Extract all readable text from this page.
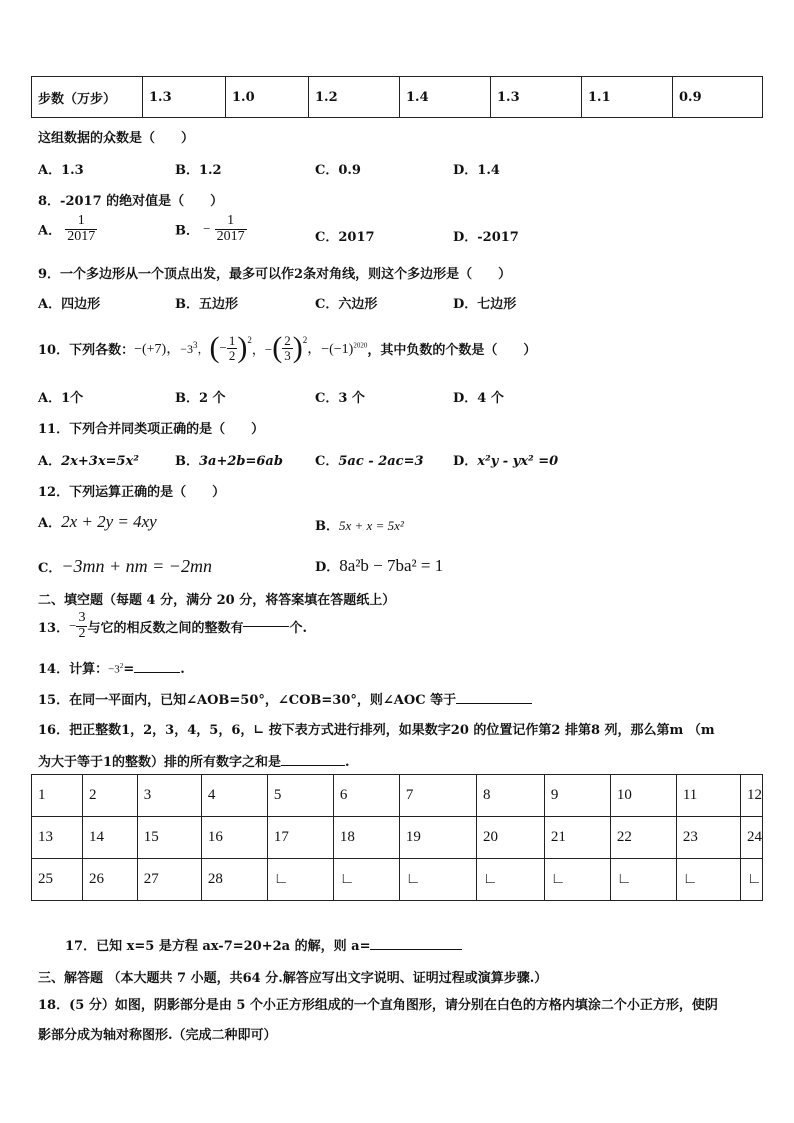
步数（万步）	1.3	1.0	1.2	1.4	1.3	1.1	0.9
这组数据的众数是（　　）
A．1.3	B．1.2	C．0.9	D．1.4
8．-2017 的绝对值是（　　）
A． $\frac{1}{2017}$	B． − $\frac{1}{2017}$	C．2017	D．-2017
9．一个多边形从一个顶点出发，最多可以作2条对角线，则这个多边形是（　　）
A．四边形	B．五边形	C．六边形	D．七边形
10．下列各数： −(+7)， $-3^3$， ( − $\frac{1}{2}$ ) 2
，− ( $\frac{2}{3}$ ) 2
，$-(-1)^{2020}$ ，其中负数的个数是（　　）
A．1个	B．2 个	C．3 个	D．4 个
11．下列合并同类项正确的是（　　）
A．2x+3x=5x²	B．3a+2b=6ab C．5ac - 2ac=3 D．x²y - yx² =0
12．下列运算正确的是（　　）
A．2x + 2y = 4xy	B．5x + x = 5x²
C．−3mn + nm = −2mn	D．8a²b − 7ba² = 1
二、填空题（每题 4 分，满分 20 分，将答案填在答题纸上）
13． − $\frac{3}{2}$ 与它的相反数之间的整数有	个.
14．计算： $-3^2$ =	.
15．在同一平面内，已知∠AOB=50°，∠COB=30°，则∠AOC 等于
16．把正整数1，2，3，4，5，6，∟ 按下表方式进行排列，如果数字20 的位置记作第2 排第8 列，那么第m （m
为大于等于1的整数）排的所有数字之和是	.
1	2	3	4	5	6	7	8	9	10	11	12
13	14	15	16	17	18	19	20	21	22	23	24
25	26	27	28	∟	∟	∟	∟	∟	∟	∟	∟
17．已知 x=5 是方程 ax-7=20+2a 的解，则 a=
三、解答题 （本大题共 7 小题，共64 分.解答应写出文字说明、证明过程或演算步骤.）
18．(5 分）如图，阴影部分是由 5 个小正方形组成的一个直角图形，请分别在白色的方格内填涂二个小正方形，使阴
影部分成为轴对称图形.（完成二种即可）
